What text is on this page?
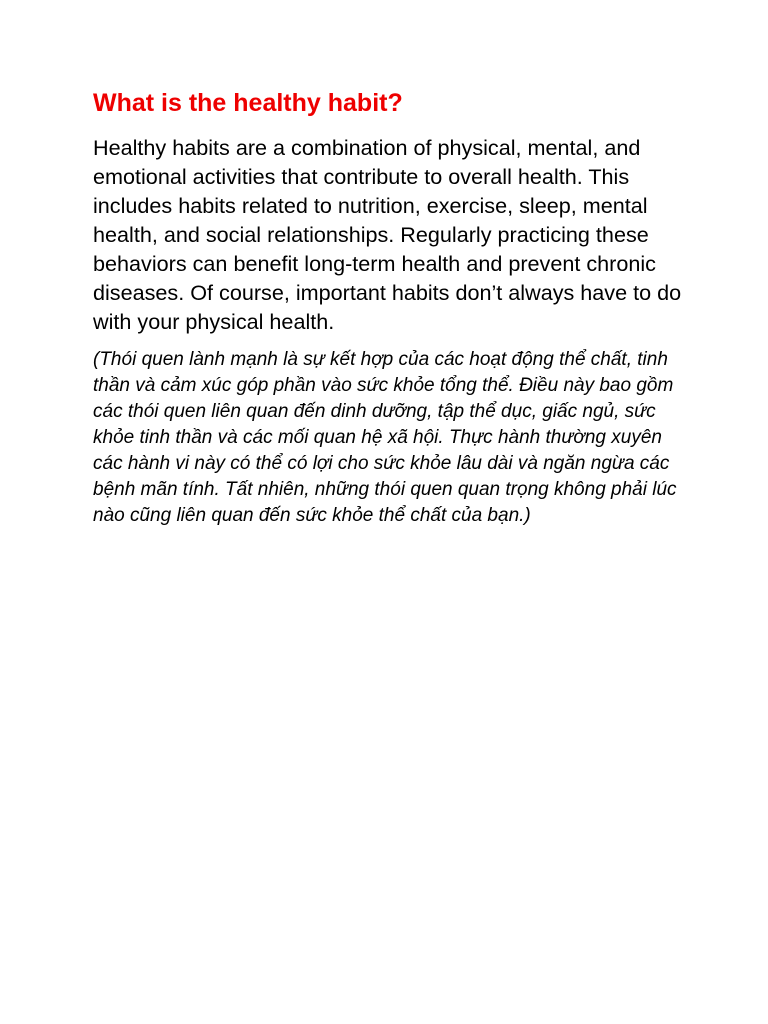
What is the healthy habit?

Healthy habits are a combination of physical, mental, and emotional activities that contribute to overall health. This includes habits related to nutrition, exercise, sleep, mental health, and social relationships. Regularly practicing these behaviors can benefit long-term health and prevent chronic diseases. Of course, important habits don’t always have to do with your physical health.

(Thói quen lành mạnh là sự kết hợp của các hoạt động thể chất, tinh thần và cảm xúc góp phần vào sức khỏe tổng thể. Điều này bao gồm các thói quen liên quan đến dinh dưỡng, tập thể dục, giấc ngủ, sức khỏe tinh thần và các mối quan hệ xã hội. Thực hành thường xuyên các hành vi này có thể có lợi cho sức khỏe lâu dài và ngăn ngừa các bệnh mãn tính. Tất nhiên, những thói quen quan trọng không phải lúc nào cũng liên quan đến sức khỏe thể chất của bạn.)
